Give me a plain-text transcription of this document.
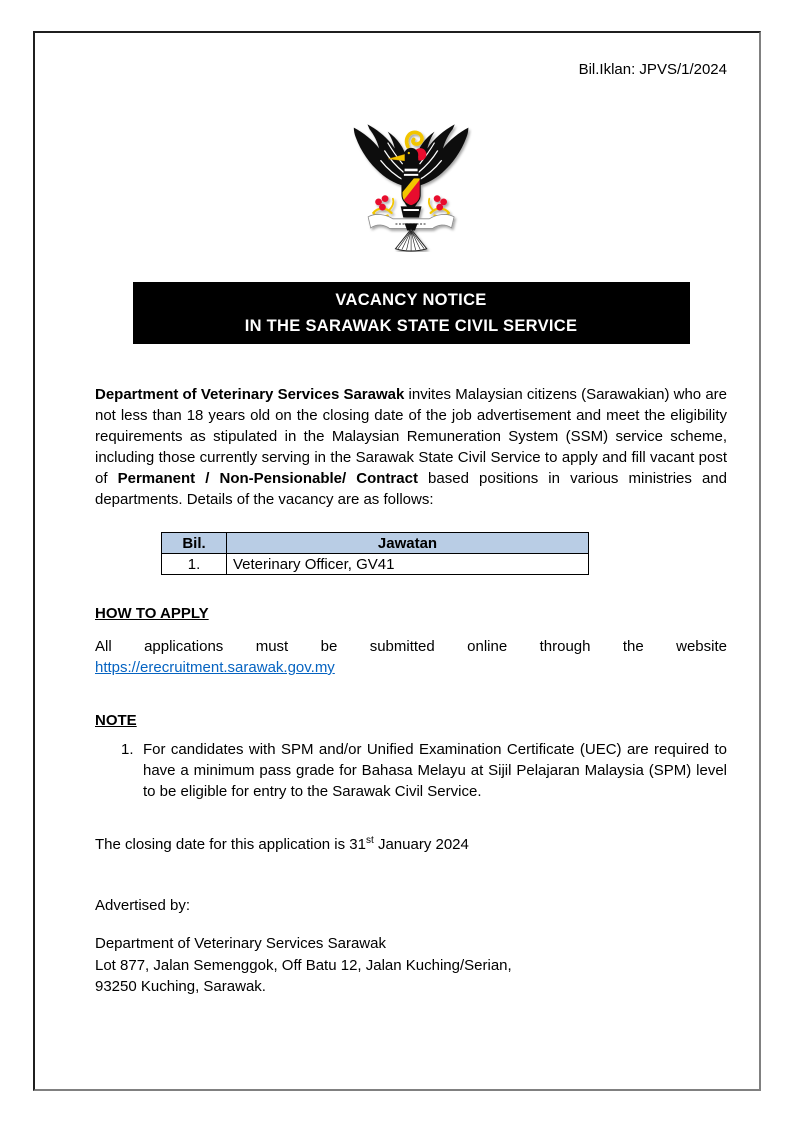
Bil.Iklan: JPVS/1/2024

VACANCY NOTICE
IN THE SARAWAK STATE CIVIL SERVICE

Department of Veterinary Services Sarawak invites Malaysian citizens (Sarawakian) who are not less than 18 years old on the closing date of the job advertisement and meet the eligibility requirements as stipulated in the Malaysian Remuneration System (SSM) service scheme, including those currently serving in the Sarawak State Civil Service to apply and fill vacant post of Permanent / Non-Pensionable/ Contract based positions in various ministries and departments. Details of the vacancy are as follows:

Bil.	Jawatan
1.	Veterinary Officer, GV41
HOW TO APPLY

All applications must be submitted online through the website

https://erecruitment.sarawak.gov.my

NOTE
1. For candidates with SPM and/or Unified Examination Certificate (UEC) are required to have a minimum pass grade for Bahasa Melayu at Sijil Pelajaran Malaysia (SPM) level to be eligible for entry to the Sarawak Civil Service.

The closing date for this application is 31st January 2024

Advertised by:

Department of Veterinary Services Sarawak
Lot 877, Jalan Semenggok, Off Batu 12, Jalan Kuching/Serian,
93250 Kuching, Sarawak.
